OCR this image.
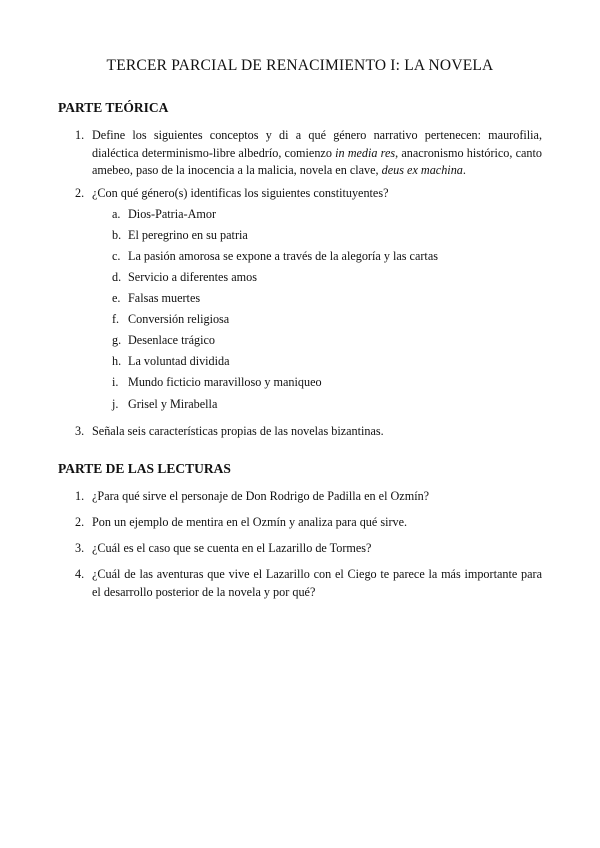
TERCER PARCIAL DE RENACIMIENTO I: LA NOVELA
PARTE TEÓRICA
1. Define los siguientes conceptos y di a qué género narrativo pertenecen: maurofilia, dialéctica determinismo-libre albedrío, comienzo in media res, anacronismo histórico, canto amebeo, paso de la inocencia a la malicia, novela en clave, deus ex machina.
2. ¿Con qué género(s) identificas los siguientes constituyentes?
a. Dios-Patria-Amor
b. El peregrino en su patria
c. La pasión amorosa se expone a través de la alegoría y las cartas
d. Servicio a diferentes amos
e. Falsas muertes
f. Conversión religiosa
g. Desenlace trágico
h. La voluntad dividida
i. Mundo ficticio maravilloso y maniqueo
j. Grisel y Mirabella
3. Señala seis características propias de las novelas bizantinas.
PARTE DE LAS LECTURAS
1. ¿Para qué sirve el personaje de Don Rodrigo de Padilla en el Ozmín?
2. Pon un ejemplo de mentira en el Ozmín y analiza para qué sirve.
3. ¿Cuál es el caso que se cuenta en el Lazarillo de Tormes?
4. ¿Cuál de las aventuras que vive el Lazarillo con el Ciego te parece la más importante para el desarrollo posterior de la novela y por qué?
